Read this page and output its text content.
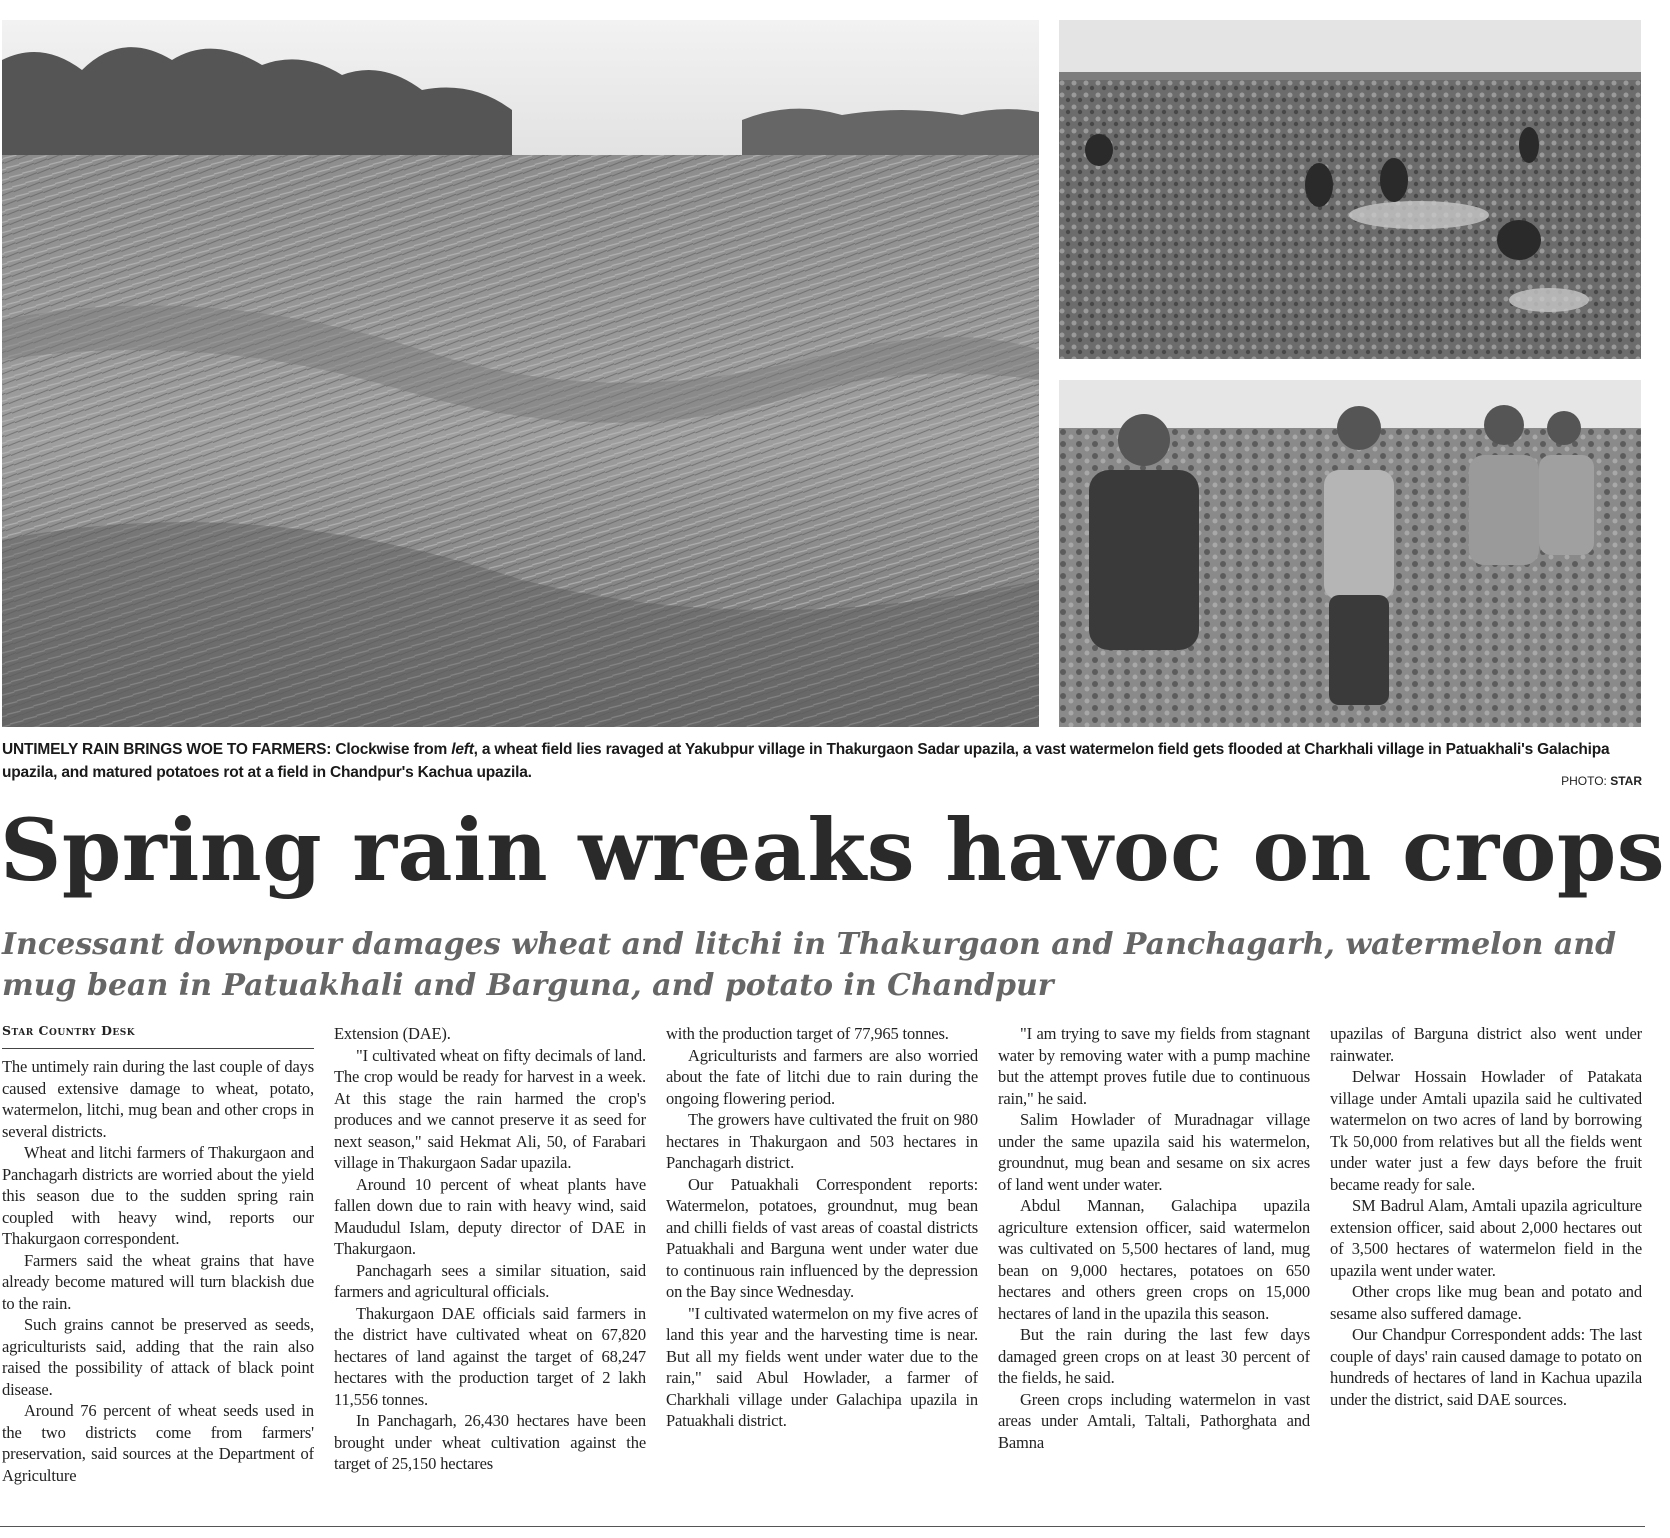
UNTIMELY RAIN BRINGS WOE TO FARMERS: Clockwise from left, a wheat field lies ravaged at Yakubpur village in Thakurgaon Sadar upazila, a vast watermelon field gets flooded at Charkhali village in Patuakhali's Galachipa upazila, and matured potatoes rot at a field in Chandpur's Kachua upazila.	PHOTO: STAR
Spring rain wreaks havoc on crops
Incessant downpour damages wheat and litchi in Thakurgaon and Panchagarh, watermelon and mug bean in Patuakhali and Barguna, and potato in Chandpur
Star Country Desk

The untimely rain during the last couple of days caused extensive damage to wheat, potato, watermelon, litchi, mug bean and other crops in several districts.

Wheat and litchi farmers of Thakurgaon and Panchagarh districts are worried about the yield this season due to the sudden spring rain coupled with heavy wind, reports our Thakurgaon correspondent.

Farmers said the wheat grains that have already become matured will turn blackish due to the rain.

Such grains cannot be preserved as seeds, agriculturists said, adding that the rain also raised the possibility of attack of black point disease.

Around 76 percent of wheat seeds used in the two districts come from farmers' preservation, said sources at the Department of Agriculture

Extension (DAE).

"I cultivated wheat on fifty decimals of land. The crop would be ready for harvest in a week. At this stage the rain harmed the crop's produces and we cannot preserve it as seed for next season," said Hekmat Ali, 50, of Farabari village in Thakurgaon Sadar upazila.

Around 10 percent of wheat plants have fallen down due to rain with heavy wind, said Maududul Islam, deputy director of DAE in Thakurgaon.

Panchagarh sees a similar situation, said farmers and agricultural officials.

Thakurgaon DAE officials said farmers in the district have cultivated wheat on 67,820 hectares of land against the target of 68,247 hectares with the production target of 2 lakh 11,556 tonnes.

In Panchagarh, 26,430 hectares have been brought under wheat cultivation against the target of 25,150 hectares

with the production target of 77,965 tonnes.

Agriculturists and farmers are also worried about the fate of litchi due to rain during the ongoing flowering period.

The growers have cultivated the fruit on 980 hectares in Thakurgaon and 503 hectares in Panchagarh district.

Our Patuakhali Correspondent reports: Watermelon, potatoes, groundnut, mug bean and chilli fields of vast areas of coastal districts Patuakhali and Barguna went under water due to continuous rain influenced by the depression on the Bay since Wednesday.

"I cultivated watermelon on my five acres of land this year and the harvesting time is near. But all my fields went under water due to the rain," said Abul Howlader, a farmer of Charkhali village under Galachipa upazila in Patuakhali district.

"I am trying to save my fields from stagnant water by removing water with a pump machine but the attempt proves futile due to continuous rain," he said.

Salim Howlader of Muradnagar village under the same upazila said his watermelon, groundnut, mug bean and sesame on six acres of land went under water.

Abdul Mannan, Galachipa upazila agriculture extension officer, said watermelon was cultivated on 5,500 hectares of land, mug bean on 9,000 hectares, potatoes on 650 hectares and others green crops on 15,000 hectares of land in the upazila this season.

But the rain during the last few days damaged green crops on at least 30 percent of the fields, he said.

Green crops including watermelon in vast areas under Amtali, Taltali, Pathorghata and Bamna

upazilas of Barguna district also went under rainwater.

Delwar Hossain Howlader of Patakata village under Amtali upazila said he cultivated watermelon on two acres of land by borrowing Tk 50,000 from relatives but all the fields went under water just a few days before the fruit became ready for sale.

SM Badrul Alam, Amtali upazila agriculture extension officer, said about 2,000 hectares out of 3,500 hectares of watermelon field in the upazila went under water.

Other crops like mug bean and potato and sesame also suffered damage.

Our Chandpur Correspondent adds: The last couple of days' rain caused damage to potato on hundreds of hectares of land in Kachua upazila under the district, said DAE sources.
